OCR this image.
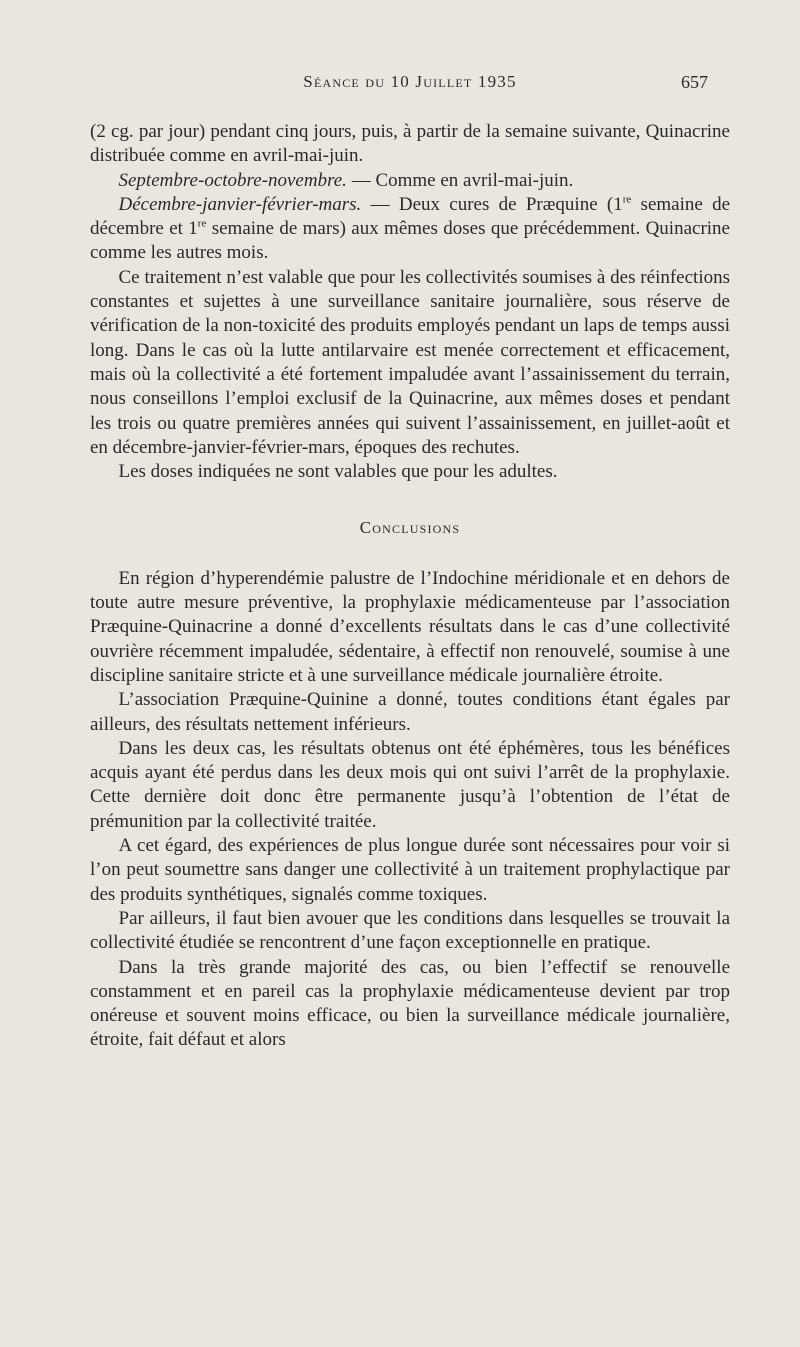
Séance du 10 Juillet 1935	657

(2 cg. par jour) pendant cinq jours, puis, à partir de la semaine suivante, Quinacrine distribuée comme en avril-mai-juin.

Septembre-octobre-novembre. — Comme en avril-mai-juin.

Décembre-janvier-février-mars. — Deux cures de Præquine (1re semaine de décembre et 1re semaine de mars) aux mêmes doses que précédemment. Quinacrine comme les autres mois.

Ce traitement n’est valable que pour les collectivités soumises à des réinfections constantes et sujettes à une surveillance sanitaire journalière, sous réserve de vérification de la non-toxicité des produits employés pendant un laps de temps aussi long. Dans le cas où la lutte antilarvaire est menée correctement et efficacement, mais où la collectivité a été fortement impaludée avant l’assainissement du terrain, nous conseillons l’emploi exclusif de la Quinacrine, aux mêmes doses et pendant les trois ou quatre premières années qui suivent l’assainissement, en juillet-août et en décembre-janvier-février-mars, époques des rechutes.

Les doses indiquées ne sont valables que pour les adultes.

Conclusions

En région d’hyperendémie palustre de l’Indochine méridionale et en dehors de toute autre mesure préventive, la prophylaxie médicamenteuse par l’association Præquine-Quinacrine a donné d’excellents résultats dans le cas d’une collectivité ouvrière récemment impaludée, sédentaire, à effectif non renouvelé, soumise à une discipline sanitaire stricte et à une surveillance médicale journalière étroite.

L’association Præquine-Quinine a donné, toutes conditions étant égales par ailleurs, des résultats nettement inférieurs.

Dans les deux cas, les résultats obtenus ont été éphémères, tous les bénéfices acquis ayant été perdus dans les deux mois qui ont suivi l’arrêt de la prophylaxie. Cette dernière doit donc être permanente jusqu’à l’obtention de l’état de prémunition par la collectivité traitée.

A cet égard, des expériences de plus longue durée sont nécessaires pour voir si l’on peut soumettre sans danger une collectivité à un traitement prophylactique par des produits synthétiques, signalés comme toxiques.

Par ailleurs, il faut bien avouer que les conditions dans lesquelles se trouvait la collectivité étudiée se rencontrent d’une façon exceptionnelle en pratique.

Dans la très grande majorité des cas, ou bien l’effectif se renouvelle constamment et en pareil cas la prophylaxie médicamenteuse devient par trop onéreuse et souvent moins efficace, ou bien la surveillance médicale journalière, étroite, fait défaut et alors
